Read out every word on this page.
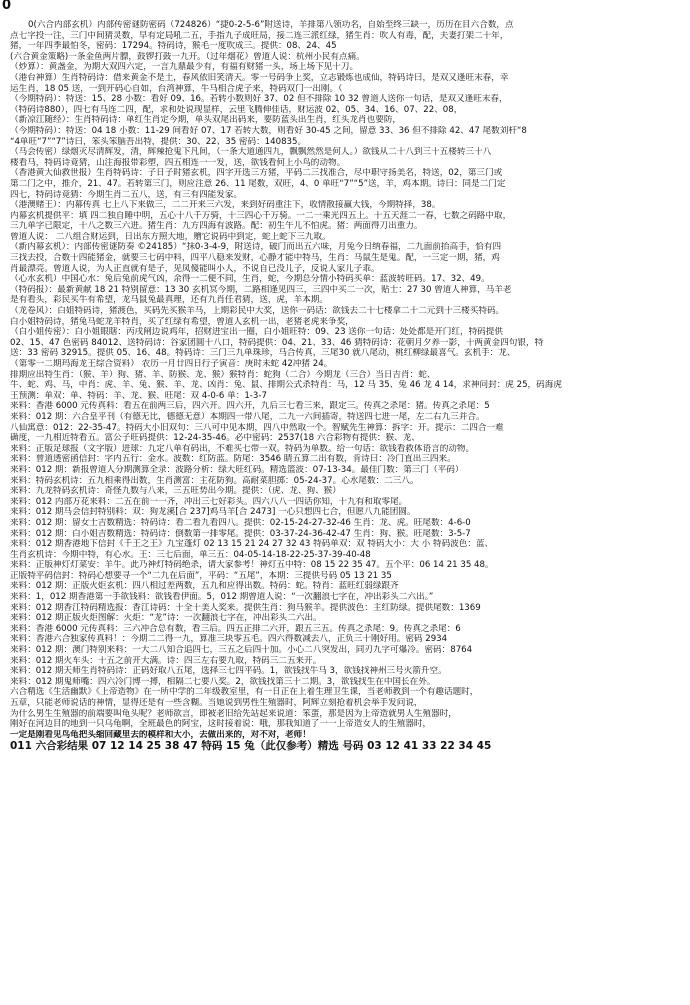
0
0(六合内部玄机）内部传密谜防密码（724826）“捷0-2-5-6”附送诗，羊排第八领功名，自始至终三缺一，历历在目六合数，点
点七字投一注，三门中间猜灵数，早有定局吼二五，手指九子成旺局，接二连三派红绿，猪生肖：吹人有毒，配，夫妻打架二十年，
猪，一年四季最怕冬，密码：17294。特码诗，猴毛一度吹成三。提供：08、24、45
(六合黄金策略)一条金鱼两片膘，鼓锣打鼓一九开。（过年烟花）曾道人说：杭州小民有点痛。
（炒算）：黄盏金，为期大双四六定，一言九鼎最少有，有福有财猪一头，场上场下见十刀。
（港台神算）生肖特码诗：借来黄金不是土，春风依旧笑清天。零一号码争上奖，立志锻炼也成仙，特码诗曰，是双又逢旺末春，幸
运生肖，18 05 送，一到开码心自如，台湾神算，牛马相合虎子来，特码双门一出刚。（
（今期特码）：特送：15、28 小数：看好 09、16。若转小数则好 37、02 但不排除 10 32 曾道人送你一句话，是双又逢旺末春，
（特码诗880），四七有马连二四，配，求和处说现显样，云里飞腾伸佳话，财运波 02、05、34、16、07、22、08，
（新凉江随经）：生肖特码诗：单红生肖定今期，单头双尾出码来，要防蓝头出生肖，红头龙肖也要防，
（今期特码）：特送：04 18 小数：11-29 间看好 07、17 若转大数，则看好 30-45 之间，留意 33、36 但不排除 42、47 尾数刘杆“8
“4单旺“7”“7”诗曰，笨头笨脑吾出特，提供：30、22、35 密码：140835。
（马会传密）绿烟灭尽清辉发，清，辉辣抢鬼下凡间，（一条大道通四九，飘飘然然是何人。）欲钱从二十八到三十五楼转三十八
楼看马，特码诗竟猜，山注海报带彩塑，四五相连一一发，送，欲钱看何上小鸟的动物。
（香港黄大仙救世报）生肖特码诗：子日子时猪玄机，四字开选三方猪，平码二三找准合，尽中职守扬美名，特送，02，第三门或
第二门之中，推介，21、47。若转第三门，则应注意 26、11 尾数，双旺，4、0 单旺“7”“5”送，羊，鸡本期。诗曰：同是二门定
四七，特码诗竟猜：今期生肖二五八，送，有三有四能发家。
（港澳赌王）：内幕传真 七上八下来做三，二二开来三六发，来到好码重注下，收情散接赢大钱，今期特择，38。
内幕玄机提供平：填 四二独自睡中明，五心十八千万骑，十三四心千万骑。一二一乘光四五上。十五天涯二一春，七数之码路中取，
三九单字已限定，十八之数三六进。猪生肖：九方四海有波路。配：初生午儿不怕虎。猪：两面得刀出重力。
曾道人说： 二八组合财运到，日出东方照大地，赠它说码中到定，蛇上蛇下三九取。
（新内幕玄机）：内部传密谜防奏 ©24185）“抹0-3-4-9，附送诗，破门而出五六味，月兔今日纳春福，二九面前抬高手，恰有四
三找去投，合数十四能猪金，就要三七码中料，四平八稳来发财，心静才能中特马，生肖：马鼠生是鬼。配，一三定一期，猪，鸡
肖最漂亮。曾道人说，为人正直就有是子，见凤傻能叫小人，不说自已没儿子，反说人家儿子乖。
（心水玄机）中国心水：兔后兔前虎气凶，余得一二便不同，生肖，蛇，今期总分情小特码买单：蓝波转旺码。17、32、49。
（特码报）：最新黄献 18 21 特别留意：13 30 玄机冥今期，二路相逢见四三，三四中买二一次，贴士：27 30 曾道人神算，马羊老
是有看头，彩民买牛有希望，龙马鼠兔最真理，还有九肖任君猜，送，虎，羊本期。
（龙卷风）：白姐特码诗，猪渡色，买码先买猴羊马，上期彩民中大奖，送你一码话：欲钱去二十七楼拿二十二元到十三楼买特码。
白小姐特码诗，猪兔马蛇龙羊特肖，买了红绿有希望，曾道人玄机一出，老猪老虎来争奖，
（白小姐传密）：白小姐眼瞎：丙戌闸边说鸡年，招财进宝出一圈，白小姐旺特：09、23 送你一句话：处处都是开门红，特码提供
02、15、47 色密码 84012、送特码诗：谷家团圆十八口，特码提供：04、21、33、46 猜特码诗：花朝月夕养一影，十两黄金四句银，特
送：33 密码 32915。提供 05、16、48。特码诗：三门三九单珠珍，马合传真，三尾30 就八尾动，桃红柳绿最喜气。玄机手：龙、
（第零一二期玛海龙王综合资料） 农历一月廿四日行子寅音：庚时未蛇 42冲猪 24。
排期应出特生肖：（猴、羊）狗、猪、羊、防猴、龙、猴）猴特肖：蛇狗（二合）今期龙（三合）当日吉肖：蛇、
牛、蛇、鸡、马，中肖：虎、羊、兔、猴、羊、龙、凶肖：兔、鼠、排期公式杀特肖：马，12 马 35、兔 46 龙 4 14，求神问封：虎 25，码海虎
王预测：单双：单、特码：羊、龙、猴、旺尾：双 4-0-6 单：1-3-7
来料：香港 6000 元传真料：看五在前两三后，四六开。四六开，九后三七看三来，跟定三。传真之杀尾：猪。传真之杀尾：5
来料：012 期：六合皇平刊（有德无比，德德无意）本期四一带八尾，二九一六间插寄，特送四七进一尾，左二右九三并合。
八仙寓意：012：22-35-47。特码大小旧双句：三八可中见本期，四八中然取一个。智赋先生神算：拆字：开。提示：二四合一难
确度，一九相近特看五。富公子旺码提供：12-24-35-46。必中密码：2537(18 六合彩物有提供：猴、龙、
来料：正版足球报（文字版）进球：九定八单有码出，不难买七带一双。特码为单数。给一句话：欲钱看救体语言的动物。
来料：曾道透密函信封：字内五行：金水。波数：红防蓝。防尾：3546 睛五算二出有数，肯诗曰：冷门直出三四来。
来料：012 期：新报曾道人分期测算全录：波路分析：绿大旺红码。精选篮波：07-13-34。最佳门数：第三门（平码）
来料：特码玄机诗：五九相乘得出数，生肖测富：主花防狗。高耐菜胆掷：05-24-37。心水尾数：二三八。
来料：九龙特码玄机诗：奇怪九数与八来，三五旺势出今期。提供：（虎、龙、狗、猴）
来料：012 内部万花来料：二五在前一一齐，冲出三七好彩头。四六八八一四话你知，十九有和取零尾。
来料：012 期马会信封特别料：双：狗龙溪[合 237]鸡马羊[合 2473] 一心只想四七合，但愿八九能团圆。
来料：012 期：留女士吉数精选：特码诗：看二看九看四八。提供：02-15-24-27-32-46 生肖：龙、虎。旺尾数：4-6-0
来料：012 期：白小姐吉数精选：特码诗：倒数第一排零尾。提供：03-37-24-36-42-47 生肖：狗、猴。旺尾数：3-5-7
来料：012 期香港地下信封《千王之王》九宝蓬灯 02 13 15 21 24 27 32 43 特码单双：双 特码大小：大 小 特码波色：蓝、
生肖玄机诗：今期中特，有心水。王：三七后面，单三五：04-05-14-18-22-25-37-39-40-48
来料：正版神灯灯菜安：羊牛。此乃神灯特码绝杀，请大家参考！神灯五中特：08 15 22 35 47。五个平：06 14 21 35 48。
正版特平码信封：特码心想要寻一个“二九在后面”，平码：“五尾”，本期：三提供号码 05 13 21 35
来料：012 期：正版火炬玄机：四八相过差两数，五九和应得出数。特码：蛇。特肖：蓝旺红弱绿跟齐
来料：1，012 期香港第一手欲钱料：欲钱看伊面。5，012 期曾道人说：“一次翻浪七字在，冲出彩头二六出。”
来料：012 期香江特码精选报：香江诗码：十全十美人奖来。提供生肖：狗马猴羊。提供波色：主红防绿。提供尾数：1369
来料：012 期正版火炬图解：火炬：“龙”诗：一次翻浪七字在，冲出彩头二六出。
来料：香港 6000 元传真料：三六冲合总有数，看三后。四五正排二六开，跟五三五。传真之杀尾：9。传真之杀尾：6
来料：香港六合独家传真料！：今期二二得一九，算准三块零五毛。四六得数减去八，正负三十刚好用。密码 2934
来料：012 期：澳门特别来料：一大二八知合追四七，三五之后四十加。小心二八突发出，同刃九字可爆冷。密码：8764
来料：012 期火车头：十五之前开大满。诗：四三左右要九取，特码三二五来开。
来料：012 期天师生肖特码诗：正码好取八五尾，选择三七四平码。1，欲钱找牛马 3，欲钱找神州三号火箭升空。
来料：012 期鬼师嘴：四六冷门博一搏，相隔二七要八奖。2，欲钱找第三十二期。3，欲钱找生在中国长在外。
六合精选《生活幽默》《上帝造物》在一所中学的二年级教室里，有一日正在上着生理卫生课，当老师教到一个有趣话题时，
五章，只能老师说话的神情，显得还是有一些含糊。当她说到男性生殖器时，阿辉立刻抢着机会举手发问说，
为什么男生生殖器的前端要叫龟头呢？老师欲言，即被老旧给先站起来说道：笨蛋，那是因为上帝造就男人生殖器时，
刚好在河边目的地到一只乌龟啊，全班最色的阿宝，这时接着说：哦，那我知道了一一上帝造女人的生殖器时，
一定是刚看见鸟龟把头缩回藏里去的模样和大小，去做出来的，对不对，老师！
011 六合彩结果 07 12 14 25 38 47 特码 15 兔（此仅参考）精选 号码 03 12 41 33 22 34 45
